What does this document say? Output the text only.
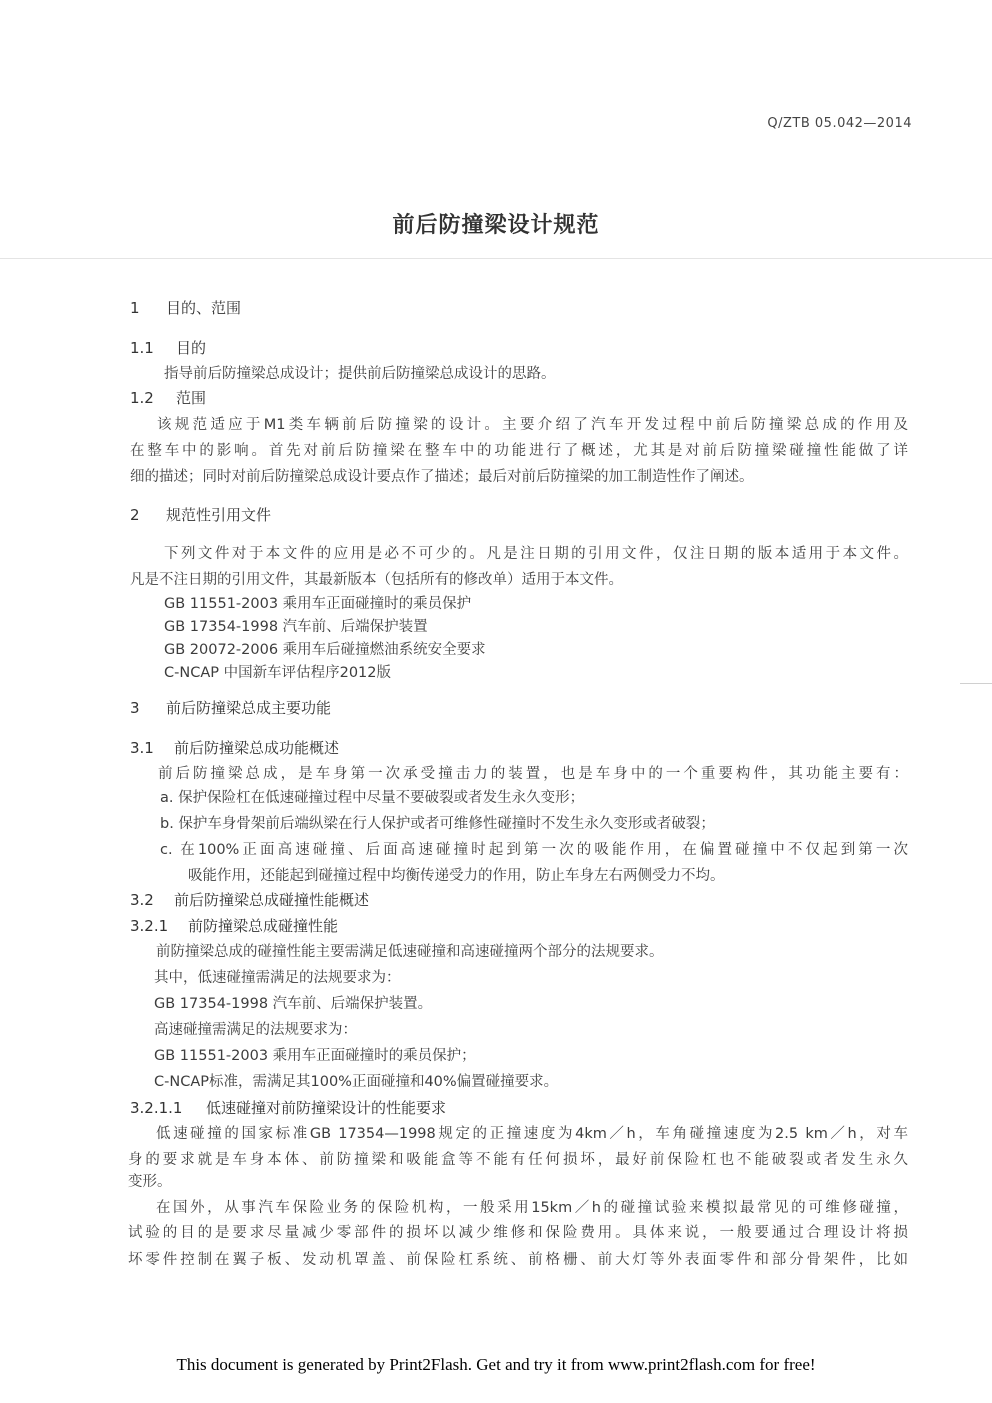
Q/ZTB 05.042—2014
前后防撞梁设计规范
1 目的、范围
1.1 目的
指导前后防撞梁总成设计；提供前后防撞梁总成设计的思路。
1.2 范围
该规范适应于M1类车辆前后防撞梁的设计。主要介绍了汽车开发过程中前后防撞梁总成的作用及
在整车中的影响。首先对前后防撞梁在整车中的功能进行了概述，尤其是对前后防撞梁碰撞性能做了详
细的描述；同时对前后防撞梁总成设计要点作了描述；最后对前后防撞梁的加工制造性作了阐述。
2 规范性引用文件
下列文件对于本文件的应用是必不可少的。凡是注日期的引用文件，仅注日期的版本适用于本文件。
凡是不注日期的引用文件，其最新版本（包括所有的修改单）适用于本文件。
GB 11551-2003 乘用车正面碰撞时的乘员保护
GB 17354-1998 汽车前、后端保护装置
GB 20072-2006 乘用车后碰撞燃油系统安全要求
C-NCAP 中国新车评估程序2012版
3 前后防撞梁总成主要功能
3.1 前后防撞梁总成功能概述
前后防撞梁总成，是车身第一次承受撞击力的装置，也是车身中的一个重要构件，其功能主要有：
a. 保护保险杠在低速碰撞过程中尽量不要破裂或者发生永久变形；
b. 保护车身骨架前后端纵梁在行人保护或者可维修性碰撞时不发生永久变形或者破裂；
c. 在100%正面高速碰撞、后面高速碰撞时起到第一次的吸能作用，在偏置碰撞中不仅起到第一次
吸能作用，还能起到碰撞过程中均衡传递受力的作用，防止车身左右两侧受力不均。
3.2 前后防撞梁总成碰撞性能概述
3.2.1 前防撞梁总成碰撞性能
前防撞梁总成的碰撞性能主要需满足低速碰撞和高速碰撞两个部分的法规要求。
其中，低速碰撞需满足的法规要求为：
GB 17354-1998 汽车前、后端保护装置。
高速碰撞需满足的法规要求为：
GB 11551-2003 乘用车正面碰撞时的乘员保护；
C-NCAP标准，需满足其100%正面碰撞和40%偏置碰撞要求。
3.2.1.1 低速碰撞对前防撞梁设计的性能要求
低速碰撞的国家标准GB 17354—1998规定的正撞速度为4km／h，车角碰撞速度为2.5 km／h，对车
身的要求就是车身本体、前防撞梁和吸能盒等不能有任何损坏，最好前保险杠也不能破裂或者发生永久
变形。
在国外，从事汽车保险业务的保险机构，一般采用15km／h的碰撞试验来模拟最常见的可维修碰撞，
试验的目的是要求尽量减少零部件的损坏以减少维修和保险费用。具体来说，一般要通过合理设计将损
坏零件控制在翼子板、发动机罩盖、前保险杠系统、前格栅、前大灯等外表面零件和部分骨架件，比如
This document is generated by Print2Flash. Get and try it from www.print2flash.com for free!
